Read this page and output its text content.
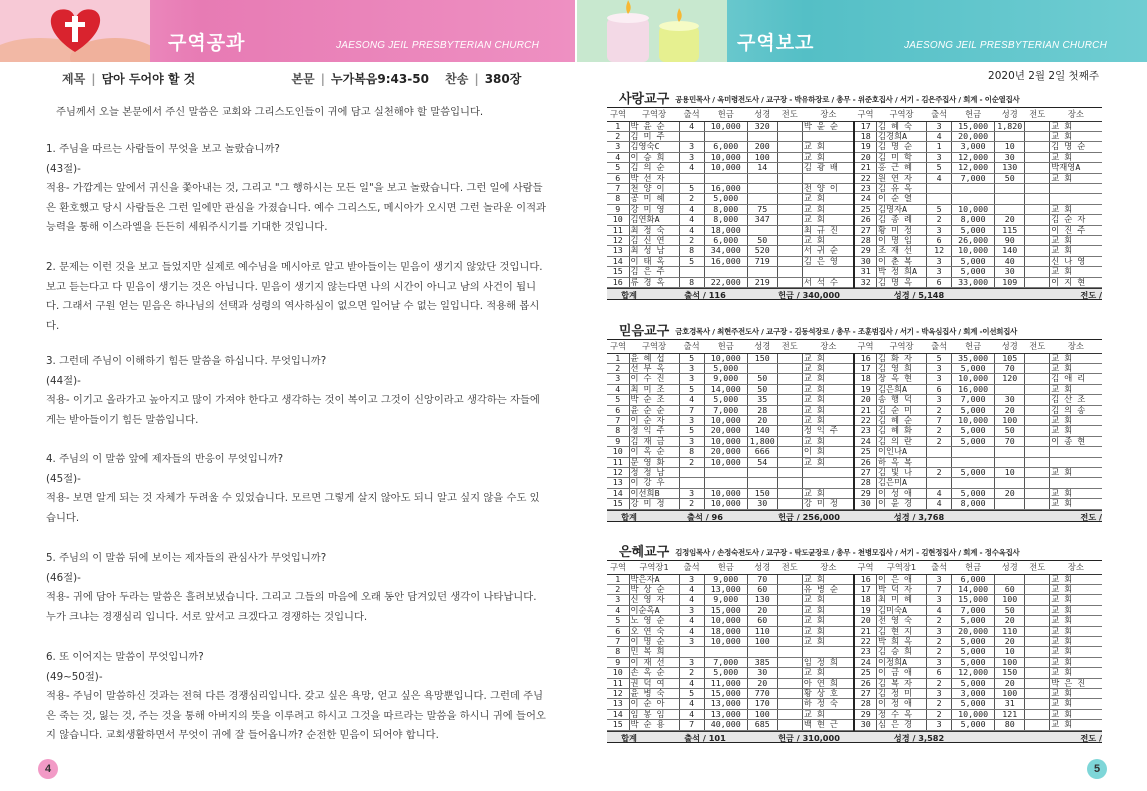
구역공과	JAESONG JEIL PRESBYTERIAN CHURCH
제목 | 담아 두어야 할 것	본문 | 누가복음9:43-50 찬송 | 380장
주님께서 오늘 본문에서 주신 말씀은 교회와 그리스도인들이 귀에 담고 실천해야 할 말씀입니다.
1. 주님을 따르는 사람들이 무엇을 보고 놀랐습니까?
(43절)-
적용- 가깝게는 앞에서 귀신을 쫓아내는 것, 그리고 "그 행하시는 모든 일"을 보고 놀랐습니다. 그런 일에 사람들은 환호했고 당시 사람들은 그런 일에만 관심을 가졌습니다. 예수 그리스도, 메시아가 오시면 그런 놀라운 이적과 능력을 통해 이스라엘을 든든히 세워주시기를 기대한 것입니다.
2. 문제는 이런 것을 보고 들었지만 실제로 예수님을 메시아로 알고 받아들이는 믿음이 생기지 않았단 것입니다. 보고 듣는다고 다 믿음이 생기는 것은 아닙니다. 믿음이 생기지 않는다면 나의 시간이 아니고 남의 사건이 됩니다. 그래서 구원 얻는 믿음은 하나님의 선택과 성령의 역사하심이 없으면 일어날 수 없는 일입니다. 적용해 봅시다.
3. 그런데 주님이 이해하기 힘든 말씀을 하십니다. 무엇입니까?
(44절)-
적용- 이기고 올라가고 높아지고 많이 가져야 한다고 생각하는 것이 복이고 그것이 신앙이라고 생각하는 자들에게는 받아들이기 힘든 말씀입니다.
4. 주님의 이 말씀 앞에 제자들의 반응이 무엇입니까?
(45절)-
적용- 보면 알게 되는 것 자체가 두려울 수 있었습니다. 모르면 그렇게 살지 않아도 되니 알고 싶지 않을 수도 있습니다.
5. 주님의 이 말씀 뒤에 보이는 제자들의 관심사가 무엇입니까?
(46절)-
적용- 귀에 담아 두라는 말씀은 흘려보냈습니다. 그리고 그들의 마음에 오래 동안 담겨있던 생각이 나타납니다. 누가 크냐는 경쟁심리 입니다. 서로 앞서고 크겠다고 경쟁하는 것입니다.
6. 또 이어지는 말씀이 무엇입니까?
(49~50절)-
적용- 주님이 말씀하신 것과는 전혀 다른 경쟁심리입니다. 갖고 싶은 욕망, 얻고 싶은 욕망뿐입니다. 그런데 주님은 죽는 것, 잃는 것, 주는 것을 통해 아버지의 뜻을 이루려고 하시고 그것을 따르라는 말씀을 하시니 귀에 들어오지 않습니다. 교회생활하면서 무엇이 귀에 잘 들어옵니까? 순전한 믿음이 되어야 합니다.
4
구역보고	JAESONG JEIL PRESBYTERIAN CHURCH
2020년 2월 2일 첫째주
사랑교구 공용민목사 / 옥미령전도사 / 교구장 - 박유하장로 / 총무 - 위준호집사 / 서기 - 김은주집사 / 회계 - 이순열집사
구역	구역장	출석	헌금	성경	전도	장소	구역	구역장	출석	헌금	성경	전도	장소
1	박 윤 순	4	10,000	320		박 윤 순	17	김 혜 숙	3	15,000	1,820		교 회
2	김 미 주						18	김경희A	4	20,000			교 회
3	김영숙C	3	6,000	200		교 회	19	김 명 순	1	3,000	10		김 명 순
4	이 승 희	3	10,000	100		교 회	20	김 미 학	3	12,000	30		교 회
5	김 의 순	4	10,000	14		김 광 배	21	홍 근 혜	5	12,000	130		박재영A
6	박 선 자						22	원 연 자	4	7,000	50		교 회
7	천 양 이	5	16,000			전 양 이	23	김 유 옥					
8	공 미 혜	2	5,000			교 회	24	이 순 열					
9	강 미 영	4	8,000	75		교 회	25	김명자A	5	10,000			교 회
10	김연화A	4	8,000	347		교 회	26	김 종 례	2	8,000	20		김 순 자
11	최 정 숙	4	18,000			최 규 진	27	황 미 정	3	5,000	115		이 진 주
12	김 신 연	2	6,000	50		교 회	28	이 명 임	6	26,000	90		교 회
13	최 성 남	8	34,000	520		서 귀 순	29	조 재 선	12	10,000	140		교 회
14	이 태 옥	5	16,000	719		김 은 영	30	이 춘 복	3	5,000	40		신 나 영
15	김 은 주						31	박 정 희A	3	5,000	30		교 회
16	류 경 옥	8	22,000	219		서 석 수	32	김 명 옥	6	33,000	109		이 지 현
합계	출석 / 116	헌금 / 340,000	성경 / 5,148	전도 /
믿음교구 금호경목사 / 최현주전도사 / 교구장 - 김동석장로 / 총무 - 조훈범집사 / 서기 - 박옥심집사 / 회계 -이선희집사
구역	구역장	출석	헌금	성경	전도	장소	구역	구역장	출석	헌금	성경	전도	장소
1	윤 혜 섭	5	10,000	150		교 회	16	김 화 자	5	35,000	105		교 회
2	선 부 옥	3	5,000			교 회	17	김 영 희	3	5,000	70		교 회
3	이 수 진	3	9,000	50		교 회	18	장 옥 현	3	10,000	120		김 애 리
4	최 미 조	5	14,000	50		교 회	19	김은희A	6	16,000			교 회
5	박 순 조	4	5,000	35		교 회	20	송 행 덕	3	7,000	30		김 산 조
6	윤 순 순	7	7,000	28		교 회	21	김 순 미	2	5,000	20		김 의 송
7	이 순 자	3	10,000	20		교 회	22	김 혜 순	7	10,000	100		교 회
8	정 익 주	5	20,000	140		정 익 주	23	김 혜 화	2	5,000	50		교 회
9	김 재 금	3	10,000	1,800		교 회	24	김 의 란	2	5,000	70		이 종 현
10	이 옥 순	8	20,000	666		이 회	25	이인나A					
11	문 영 화	2	10,000	54		교 회	26	하 옥 복					
12	정 정 남						27	김 빛 나	2	5,000	10		교 회
13	이 강 우						28	김은미A					
14	이선희B	3	10,000	150		교 회	29	이 성 애	4	5,000	20		교 회
15	강 미 정	2	10,000	30		강 미 정	30	이 윤 경	4	8,000			교 회
합계	출석 / 96	헌금 / 256,000	성경 / 3,768	전도 /
은혜교구 김정임목사 / 손정숙전도사 / 교구장 - 탁도균장로 / 총무 - 천병모집사 / 서기 - 김현정집사 / 회계 - 정수옥집사
구역	구역장1	출석	헌금	성경	전도	장소	구역	구역장1	출석	헌금	성경	전도	장소
1	박은자A	3	9,000	70		교 회	16	이 은 애	3	6,000			교 회
2	박 상 순	4	13,000	60		유 병 순	17	박 덕 자	7	14,000	60		교 회
3	신 영 자	4	9,000	130		교 회	18	최 미 혜	3	15,000	100		교 회
4	이순옥A	3	15,000	20		교 회	19	김미숙A	4	7,000	50		교 회
5	노 영 순	4	10,000	60		교 회	20	전 영 숙	2	5,000	20		교 회
6	오 연 숙	4	18,000	110		교 회	21	김 현 지	3	20,000	110		교 회
7	이 명 순	3	10,000	100		교 회	22	박 희 옥	2	5,000	20		교 회
8	민 복 희						23	김 승 희	2	5,000	10		교 회
9	이 재 선	3	7,000	385		임 정 희	24	이정희A	3	5,000	100		교 회
10	손 옥 순	2	5,000	30		교 회	25	이 금 애	6	12,000	150		교 회
11	권 덕 여	4	11,000	20		아 연 희	26	김 복 자	2	5,000	20		박 은 진
12	윤 병 숙	5	15,000	770		황 상 호	27	김 정 미	3	3,000	100		교 회
13	이 순 아	4	13,000	170		하 정 숙	28	이 정 애	2	5,000	31		교 회
14	임 봉 임	4	13,000	100		교 회	29	정 수 옥	2	10,000	121		교 회
15	박 순 용	7	40,000	685		백 현 근	30	심 은 경	3	5,000	80		교 회
합계	출석 / 101	헌금 / 310,000	성경 / 3,582	전도 /
5
